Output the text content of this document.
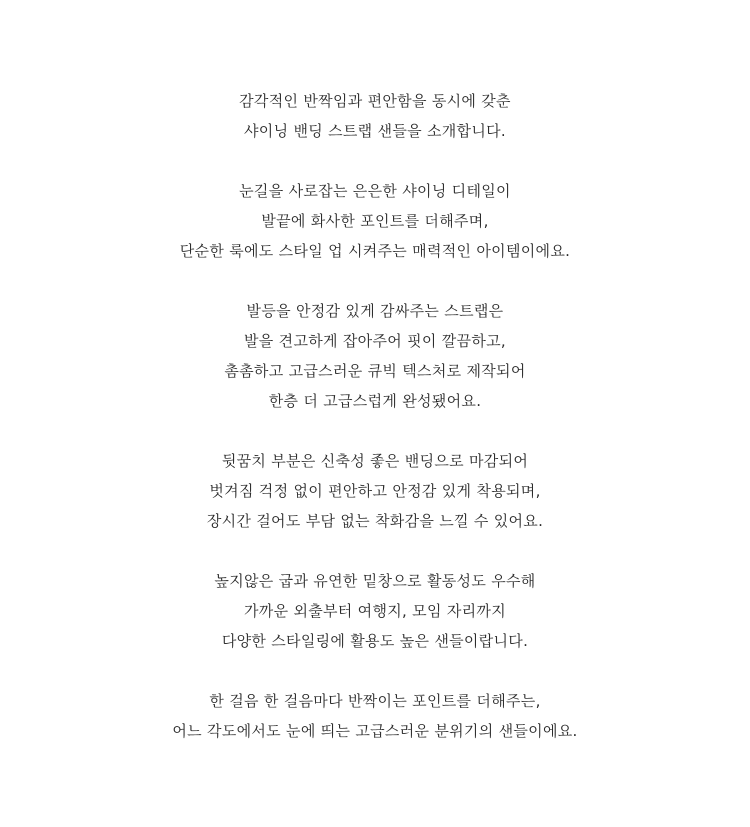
감각적인 반짝임과 편안함을 동시에 갖춘
샤이닝 밴딩 스트랩 샌들을 소개합니다.
눈길을 사로잡는 은은한 샤이닝 디테일이
발끝에 화사한 포인트를 더해주며,
단순한 룩에도 스타일 업 시켜주는 매력적인 아이템이에요.
발등을 안정감 있게 감싸주는 스트랩은
발을 견고하게 잡아주어 핏이 깔끔하고,
촘촘하고 고급스러운 큐빅 텍스처로 제작되어
한층 더 고급스럽게 완성됐어요.
뒷꿈치 부분은 신축성 좋은 밴딩으로 마감되어
벗겨짐 걱정 없이 편안하고 안정감 있게 착용되며,
장시간 걸어도 부담 없는 착화감을 느낄 수 있어요.
높지않은 굽과 유연한 밑창으로 활동성도 우수해
가까운 외출부터 여행지, 모임 자리까지
다양한 스타일링에 활용도 높은 샌들이랍니다.
한 걸음 한 걸음마다 반짝이는 포인트를 더해주는,
어느 각도에서도 눈에 띄는 고급스러운 분위기의 샌들이에요.
